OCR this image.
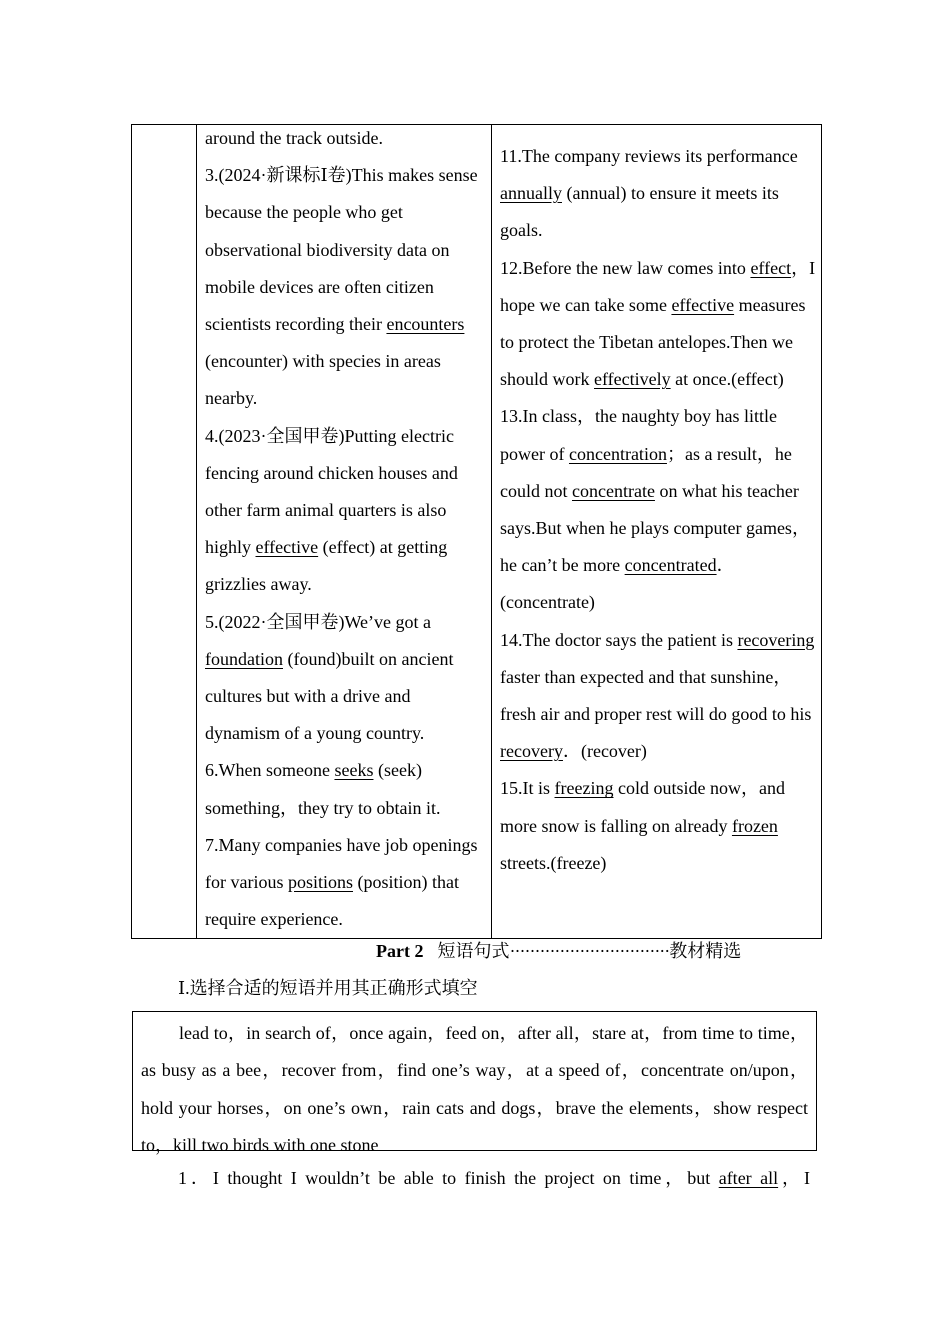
around the track outside.

3.(2024·新课标Ⅰ卷)This makes sense because the people who get observational biodiversity data on mobile devices are often citizen scientists recording their encounters (encounter) with species in areas nearby.

4.(2023·全国甲卷)Putting electric fencing around chicken houses and other farm animal quarters is also highly effective (effect) at getting grizzlies away.

5.(2022·全国甲卷)We’ve got a foundation (found)built on ancient cultures but with a drive and dynamism of a young country.

6.When someone seeks (seek) something，they try to obtain it.

7.Many companies have job openings for various positions (position) that require experience.

11.The company reviews its performance annually (annual) to ensure it meets its goals.

12.Before the new law comes into effect，I hope we can take some effective measures to protect the Tibetan antelopes.Then we should work effectively at once.(effect)

13.In class，the naughty boy has little power of concentration；as a result，he could not concentrate on what his teacher says.But when he plays computer games，he can’t be more concentrated．(concentrate)

14.The doctor says the patient is recovering faster than expected and that sunshine，fresh air and proper rest will do good to his recovery．(recover)

15.It is freezing cold outside now，and more snow is falling on already frozen streets.(freeze)

Part 2 短语句式································教材精选
Ⅰ.选择合适的短语并用其正确形式填空
lead to，in search of，once again，feed on，after all，stare at，from time to time，as busy as a bee，recover from，find one’s way，at a speed of，concentrate on/upon，hold your horses，on one’s own，rain cats and dogs，brave the elements，show respect to，kill two birds with one stone
1．I thought I wouldn’t be able to finish the project on time，but after all，I
